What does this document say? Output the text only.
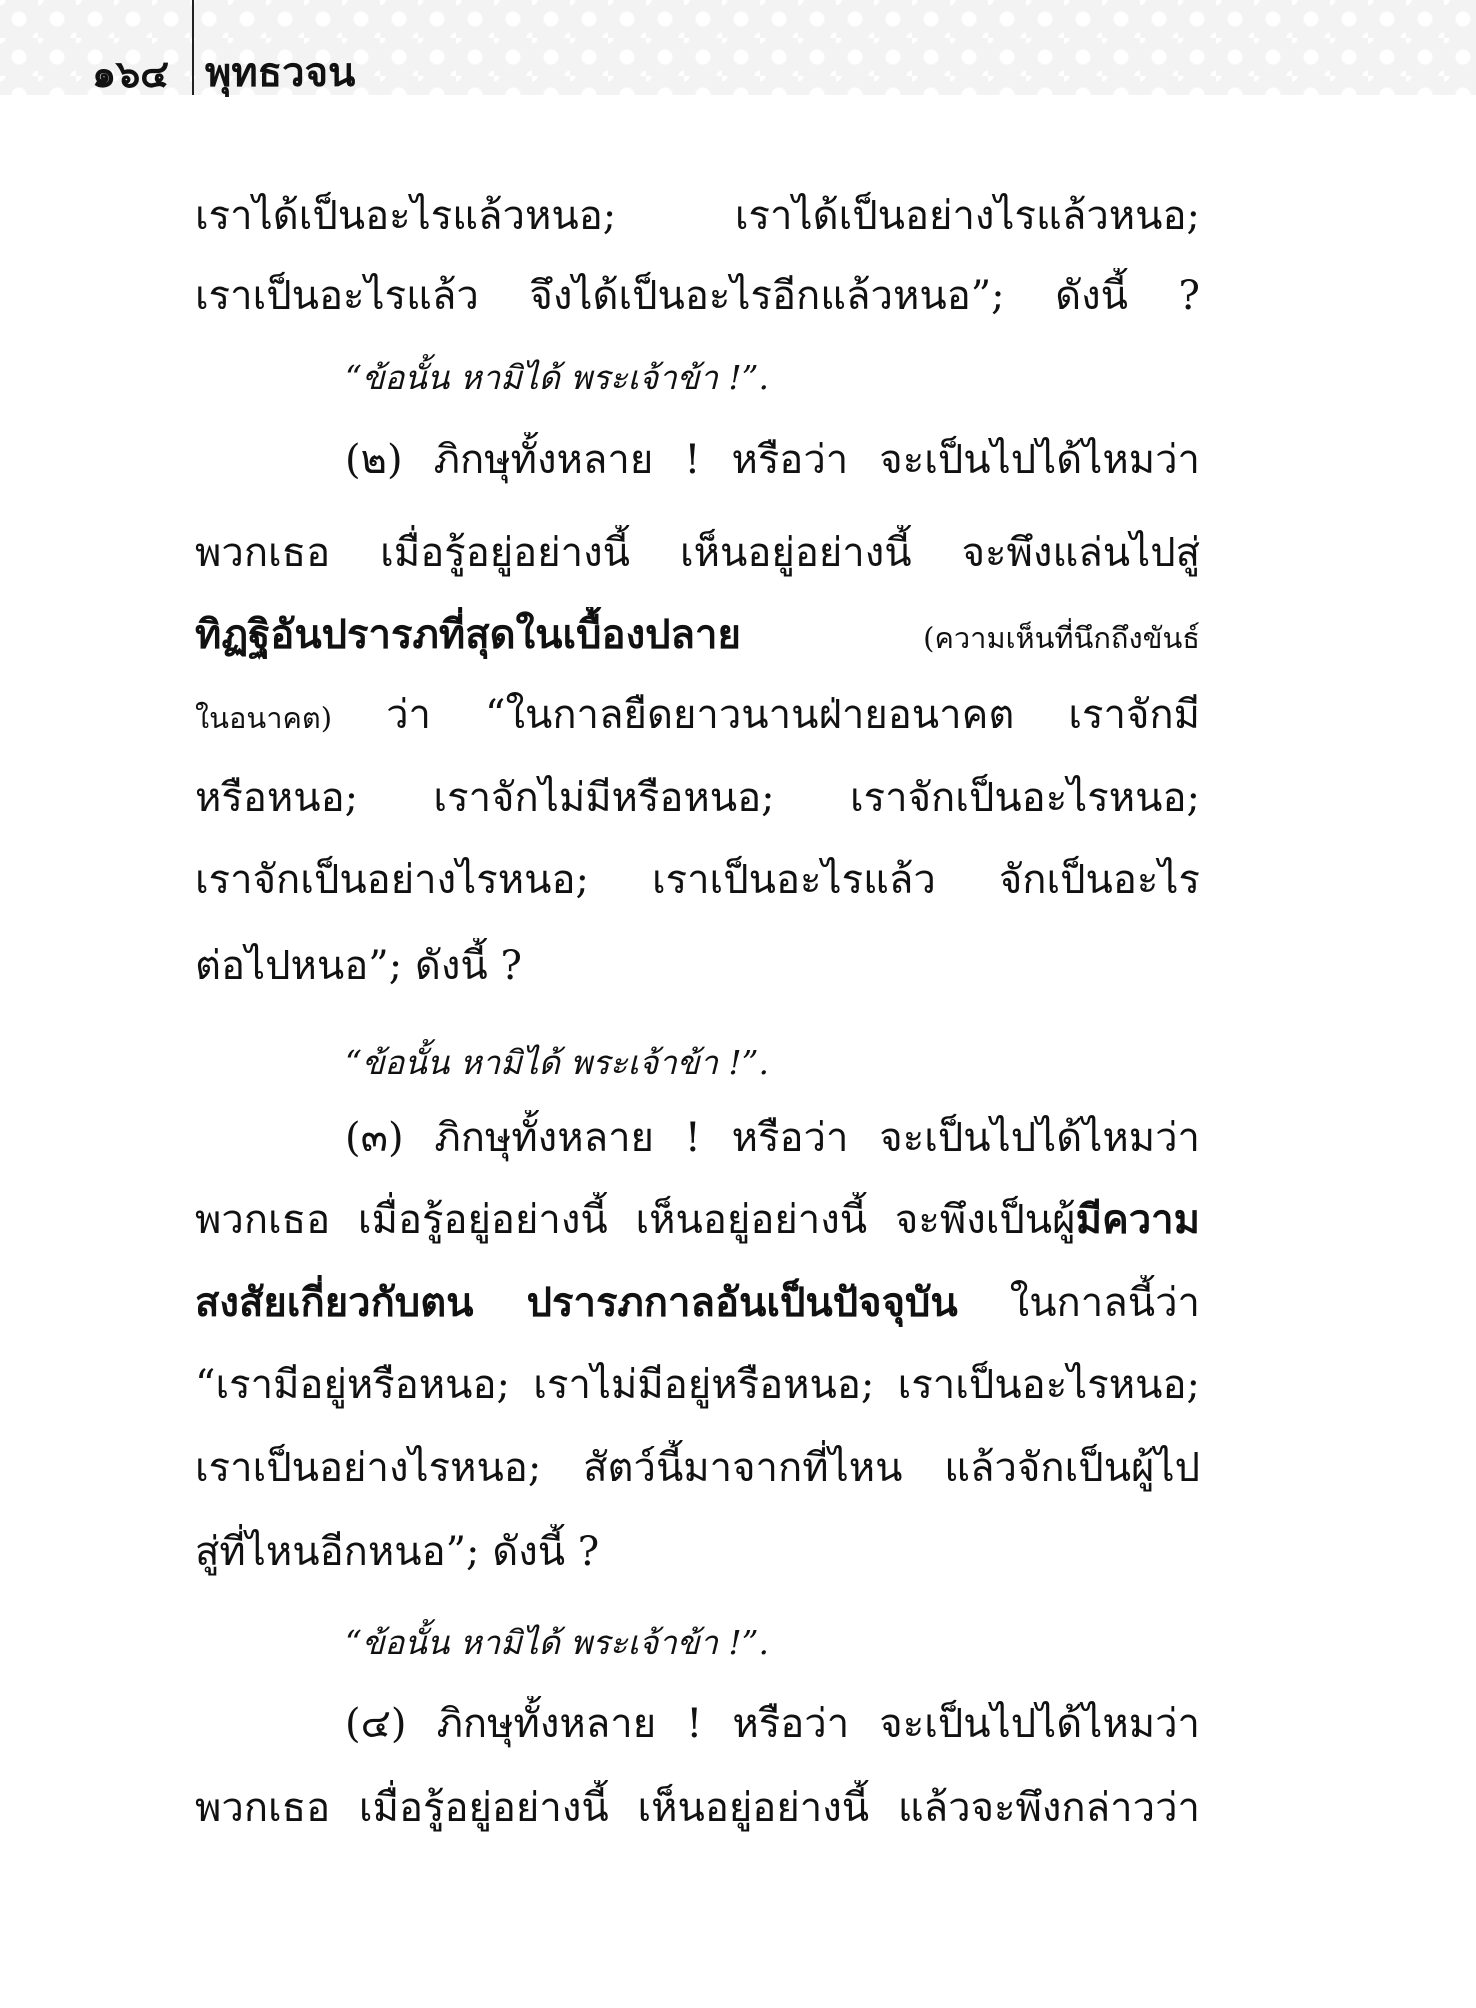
๑๖๔ พุทธวจน
เราได้เป็นอะไรแล้วหนอ; เราได้เป็นอย่างไรแล้วหนอ;
เราเป็นอะไรแล้ว จึงได้เป็นอะไรอีกแล้วหนอ”; ดังนี้ ?
“ข้อนั้น หามิได้ พระเจ้าข้า !”.
(๒) ภิกษุทั้งหลาย ! หรือว่า จะเป็นไปได้ไหมว่า
พวกเธอ เมื่อรู้อยู่อย่างนี้ เห็นอยู่อย่างนี้ จะพึงแล่นไปสู่
ทิฏฐิอันปรารภที่สุดในเบื้องปลาย	(ความเห็นที่นึกถึงขันธ์
ในอนาคต) ว่า “ในกาลยืดยาวนานฝ่ายอนาคต เราจักมี
หรือหนอ; เราจักไม่มีหรือหนอ; เราจักเป็นอะไรหนอ;
เราจักเป็นอย่างไรหนอ; เราเป็นอะไรแล้ว จักเป็นอะไร
ต่อไปหนอ”; ดังนี้ ?
“ข้อนั้น หามิได้ พระเจ้าข้า !”.
(๓) ภิกษุทั้งหลาย ! หรือว่า จะเป็นไปได้ไหมว่า
พวกเธอ เมื่อรู้อยู่อย่างนี้ เห็นอยู่อย่างนี้ จะพึงเป็นผู้มีความ
สงสัยเกี่ยวกับตน ปรารภกาลอันเป็นปัจจุบัน ในกาลนี้ว่า
“เรามีอยู่หรือหนอ; เราไม่มีอยู่หรือหนอ; เราเป็นอะไรหนอ;
เราเป็นอย่างไรหนอ; สัตว์นี้มาจากที่ไหน แล้วจักเป็นผู้ไป
สู่ที่ไหนอีกหนอ”; ดังนี้ ?
“ข้อนั้น หามิได้ พระเจ้าข้า !”.
(๔) ภิกษุทั้งหลาย ! หรือว่า จะเป็นไปได้ไหมว่า
พวกเธอ เมื่อรู้อยู่อย่างนี้ เห็นอยู่อย่างนี้ แล้วจะพึงกล่าวว่า
